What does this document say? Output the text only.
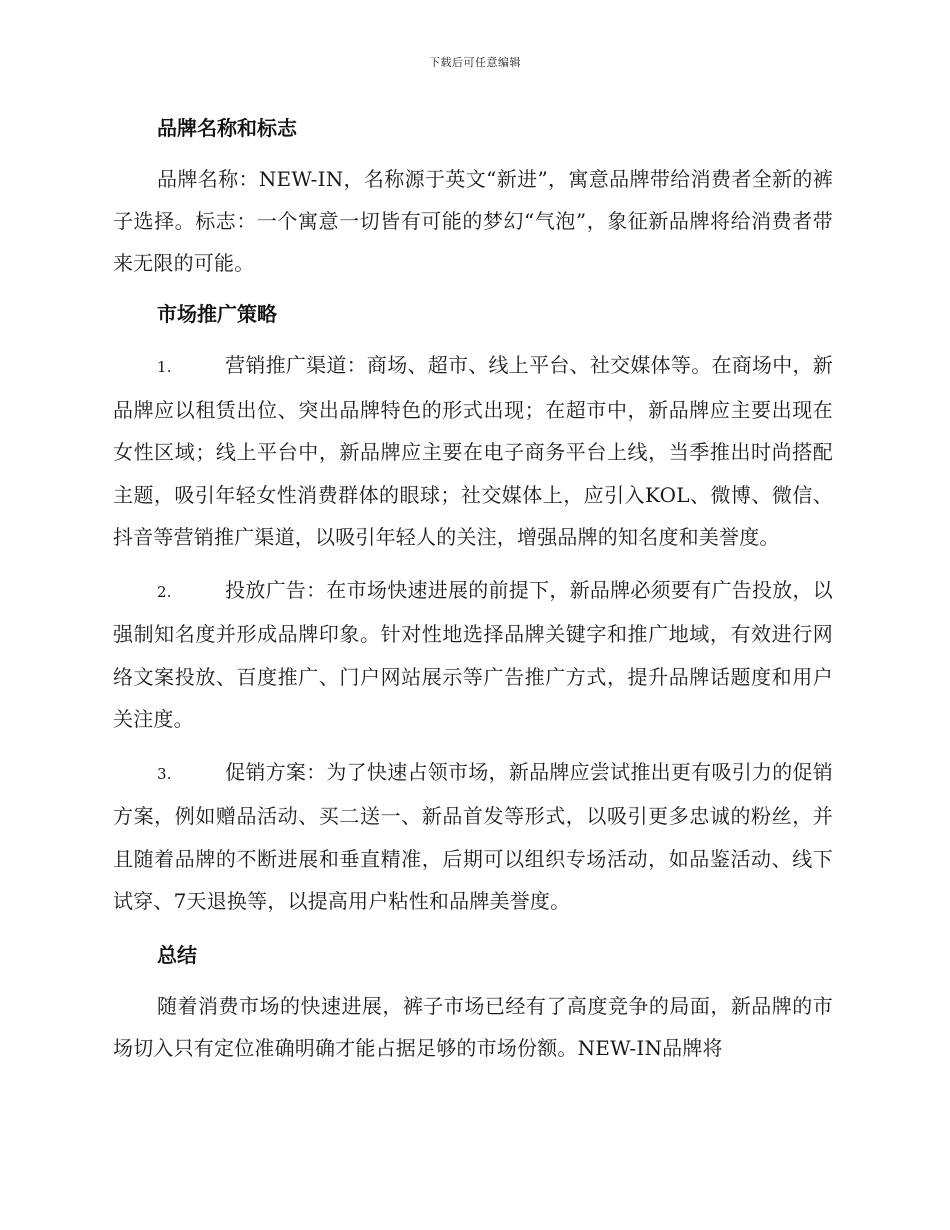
下载后可任意编辑
品牌名称和标志

品牌名称：NEW-IN，名称源于英文“新进”，寓意品牌带给消费者全新的裤子选择。标志：一个寓意一切皆有可能的梦幻“气泡”，象征新品牌将给消费者带来无限的可能。

市场推广策略

1.	营销推广渠道：商场、超市、线上平台、社交媒体等。在商场中，新品牌应以租赁出位、突出品牌特色的形式出现；在超市中，新品牌应主要出现在女性区域；线上平台中，新品牌应主要在电子商务平台上线，当季推出时尚搭配主题，吸引年轻女性消费群体的眼球；社交媒体上，应引入KOL、微博、微信、抖音等营销推广渠道，以吸引年轻人的关注，增强品牌的知名度和美誉度。

2.	投放广告：在市场快速进展的前提下，新品牌必须要有广告投放，以强制知名度并形成品牌印象。针对性地选择品牌关键字和推广地域，有效进行网络文案投放、百度推广、门户网站展示等广告推广方式，提升品牌话题度和用户关注度。

3.	促销方案：为了快速占领市场，新品牌应尝试推出更有吸引力的促销方案，例如赠品活动、买二送一、新品首发等形式，以吸引更多忠诚的粉丝，并且随着品牌的不断进展和垂直精准，后期可以组织专场活动，如品鉴活动、线下试穿、7天退换等，以提高用户粘性和品牌美誉度。

总结

随着消费市场的快速进展，裤子市场已经有了高度竞争的局面，新品牌的市场切入只有定位准确明确才能占据足够的市场份额。NEW-IN品牌将
